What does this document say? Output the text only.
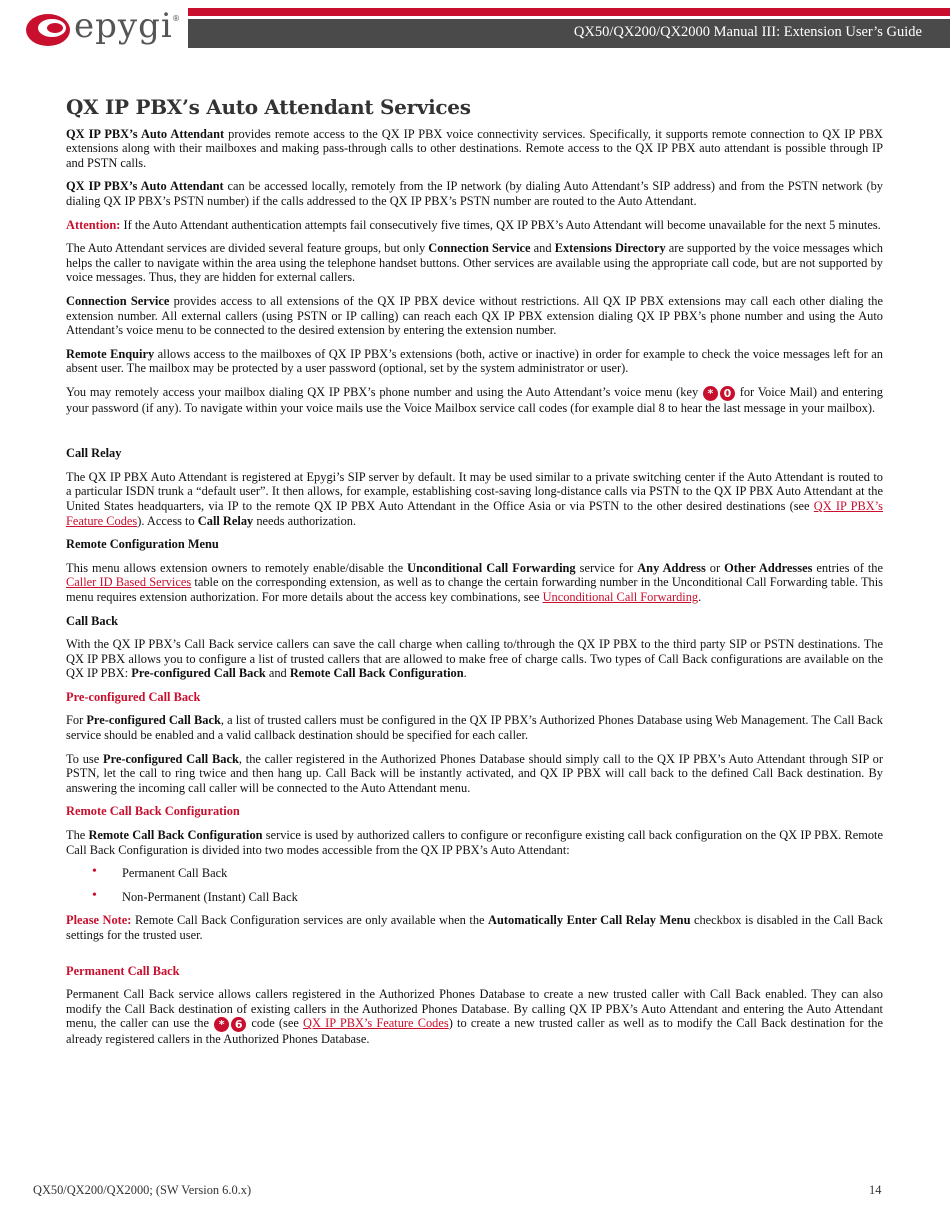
epygi ®
QX50/QX200/QX2000 Manual III: Extension User’s Guide
QX IP PBX’s Auto Attendant Services

QX IP PBX’s Auto Attendant provides remote access to the QX IP PBX voice connectivity services. Specifically, it supports remote connection to QX IP PBX extensions along with their mailboxes and making pass-through calls to other destinations. Remote access to the QX IP PBX auto attendant is possible through IP and PSTN calls.

QX IP PBX’s Auto Attendant can be accessed locally, remotely from the IP network (by dialing Auto Attendant’s SIP address) and from the PSTN network (by dialing QX IP PBX’s PSTN number) if the calls addressed to the QX IP PBX’s PSTN number are routed to the Auto Attendant.

Attention: If the Auto Attendant authentication attempts fail consecutively five times, QX IP PBX’s Auto Attendant will become unavailable for the next 5 minutes.

The Auto Attendant services are divided several feature groups, but only Connection Service and Extensions Directory are supported by the voice messages which helps the caller to navigate within the area using the telephone handset buttons. Other services are available using the appropriate call code, but are not supported by voice messages. Thus, they are hidden for external callers.

Connection Service provides access to all extensions of the QX IP PBX device without restrictions. All QX IP PBX extensions may call each other dialing the extension number. All external callers (using PSTN or IP calling) can reach each QX IP PBX extension dialing QX IP PBX’s phone number and using the Auto Attendant’s voice menu to be connected to the desired extension by entering the extension number.

Remote Enquiry allows access to the mailboxes of QX IP PBX’s extensions (both, active or inactive) in order for example to check the voice messages left for an absent user. The mailbox may be protected by a user password (optional, set by the system administrator or user).

You may remotely access your mailbox dialing QX IP PBX’s phone number and using the Auto Attendant’s voice menu (key * 0 for Voice Mail) and entering your password (if any). To navigate within your voice mails use the Voice Mailbox service call codes (for example dial 8 to hear the last message in your mailbox).

Call Relay

The QX IP PBX Auto Attendant is registered at Epygi’s SIP server by default. It may be used similar to a private switching center if the Auto Attendant is routed to a particular ISDN trunk a “default user”. It then allows, for example, establishing cost-saving long-distance calls via PSTN to the QX IP PBX Auto Attendant at the United States headquarters, via IP to the remote QX IP PBX Auto Attendant in the Office Asia or via PSTN to the other desired destinations (see QX IP PBX’s Feature Codes). Access to Call Relay needs authorization.

Remote Configuration Menu

This menu allows extension owners to remotely enable/disable the Unconditional Call Forwarding service for Any Address or Other Addresses entries of the Caller ID Based Services table on the corresponding extension, as well as to change the certain forwarding number in the Unconditional Call Forwarding table. This menu requires extension authorization. For more details about the access key combinations, see Unconditional Call Forwarding.

Call Back

With the QX IP PBX’s Call Back service callers can save the call charge when calling to/through the QX IP PBX to the third party SIP or PSTN destinations. The QX IP PBX allows you to configure a list of trusted callers that are allowed to make free of charge calls. Two types of Call Back configurations are available on the QX IP PBX: Pre-configured Call Back and Remote Call Back Configuration.

Pre-configured Call Back

For Pre-configured Call Back, a list of trusted callers must be configured in the QX IP PBX’s Authorized Phones Database using Web Management. The Call Back service should be enabled and a valid callback destination should be specified for each caller.

To use Pre-configured Call Back, the caller registered in the Authorized Phones Database should simply call to the QX IP PBX’s Auto Attendant through SIP or PSTN, let the call to ring twice and then hang up. Call Back will be instantly activated, and QX IP PBX will call back to the defined Call Back destination. By answering the incoming call caller will be connected to the Auto Attendant menu.

Remote Call Back Configuration

The Remote Call Back Configuration service is used by authorized callers to configure or reconfigure existing call back configuration on the QX IP PBX. Remote Call Back Configuration is divided into two modes accessible from the QX IP PBX’s Auto Attendant:

• Permanent Call Back
• Non-Permanent (Instant) Call Back

Please Note: Remote Call Back Configuration services are only available when the Automatically Enter Call Relay Menu checkbox is disabled in the Call Back settings for the trusted user.

Permanent Call Back

Permanent Call Back service allows callers registered in the Authorized Phones Database to create a new trusted caller with Call Back enabled. They can also modify the Call Back destination of existing callers in the Authorized Phones Database. By calling QX IP PBX’s Auto Attendant and entering the Auto Attendant menu, the caller can use the * 6 code (see QX IP PBX’s Feature Codes) to create a new trusted caller as well as to modify the Call Back destination for the already registered callers in the Authorized Phones Database.

QX50/QX200/QX2000; (SW Version 6.0.x)	14
